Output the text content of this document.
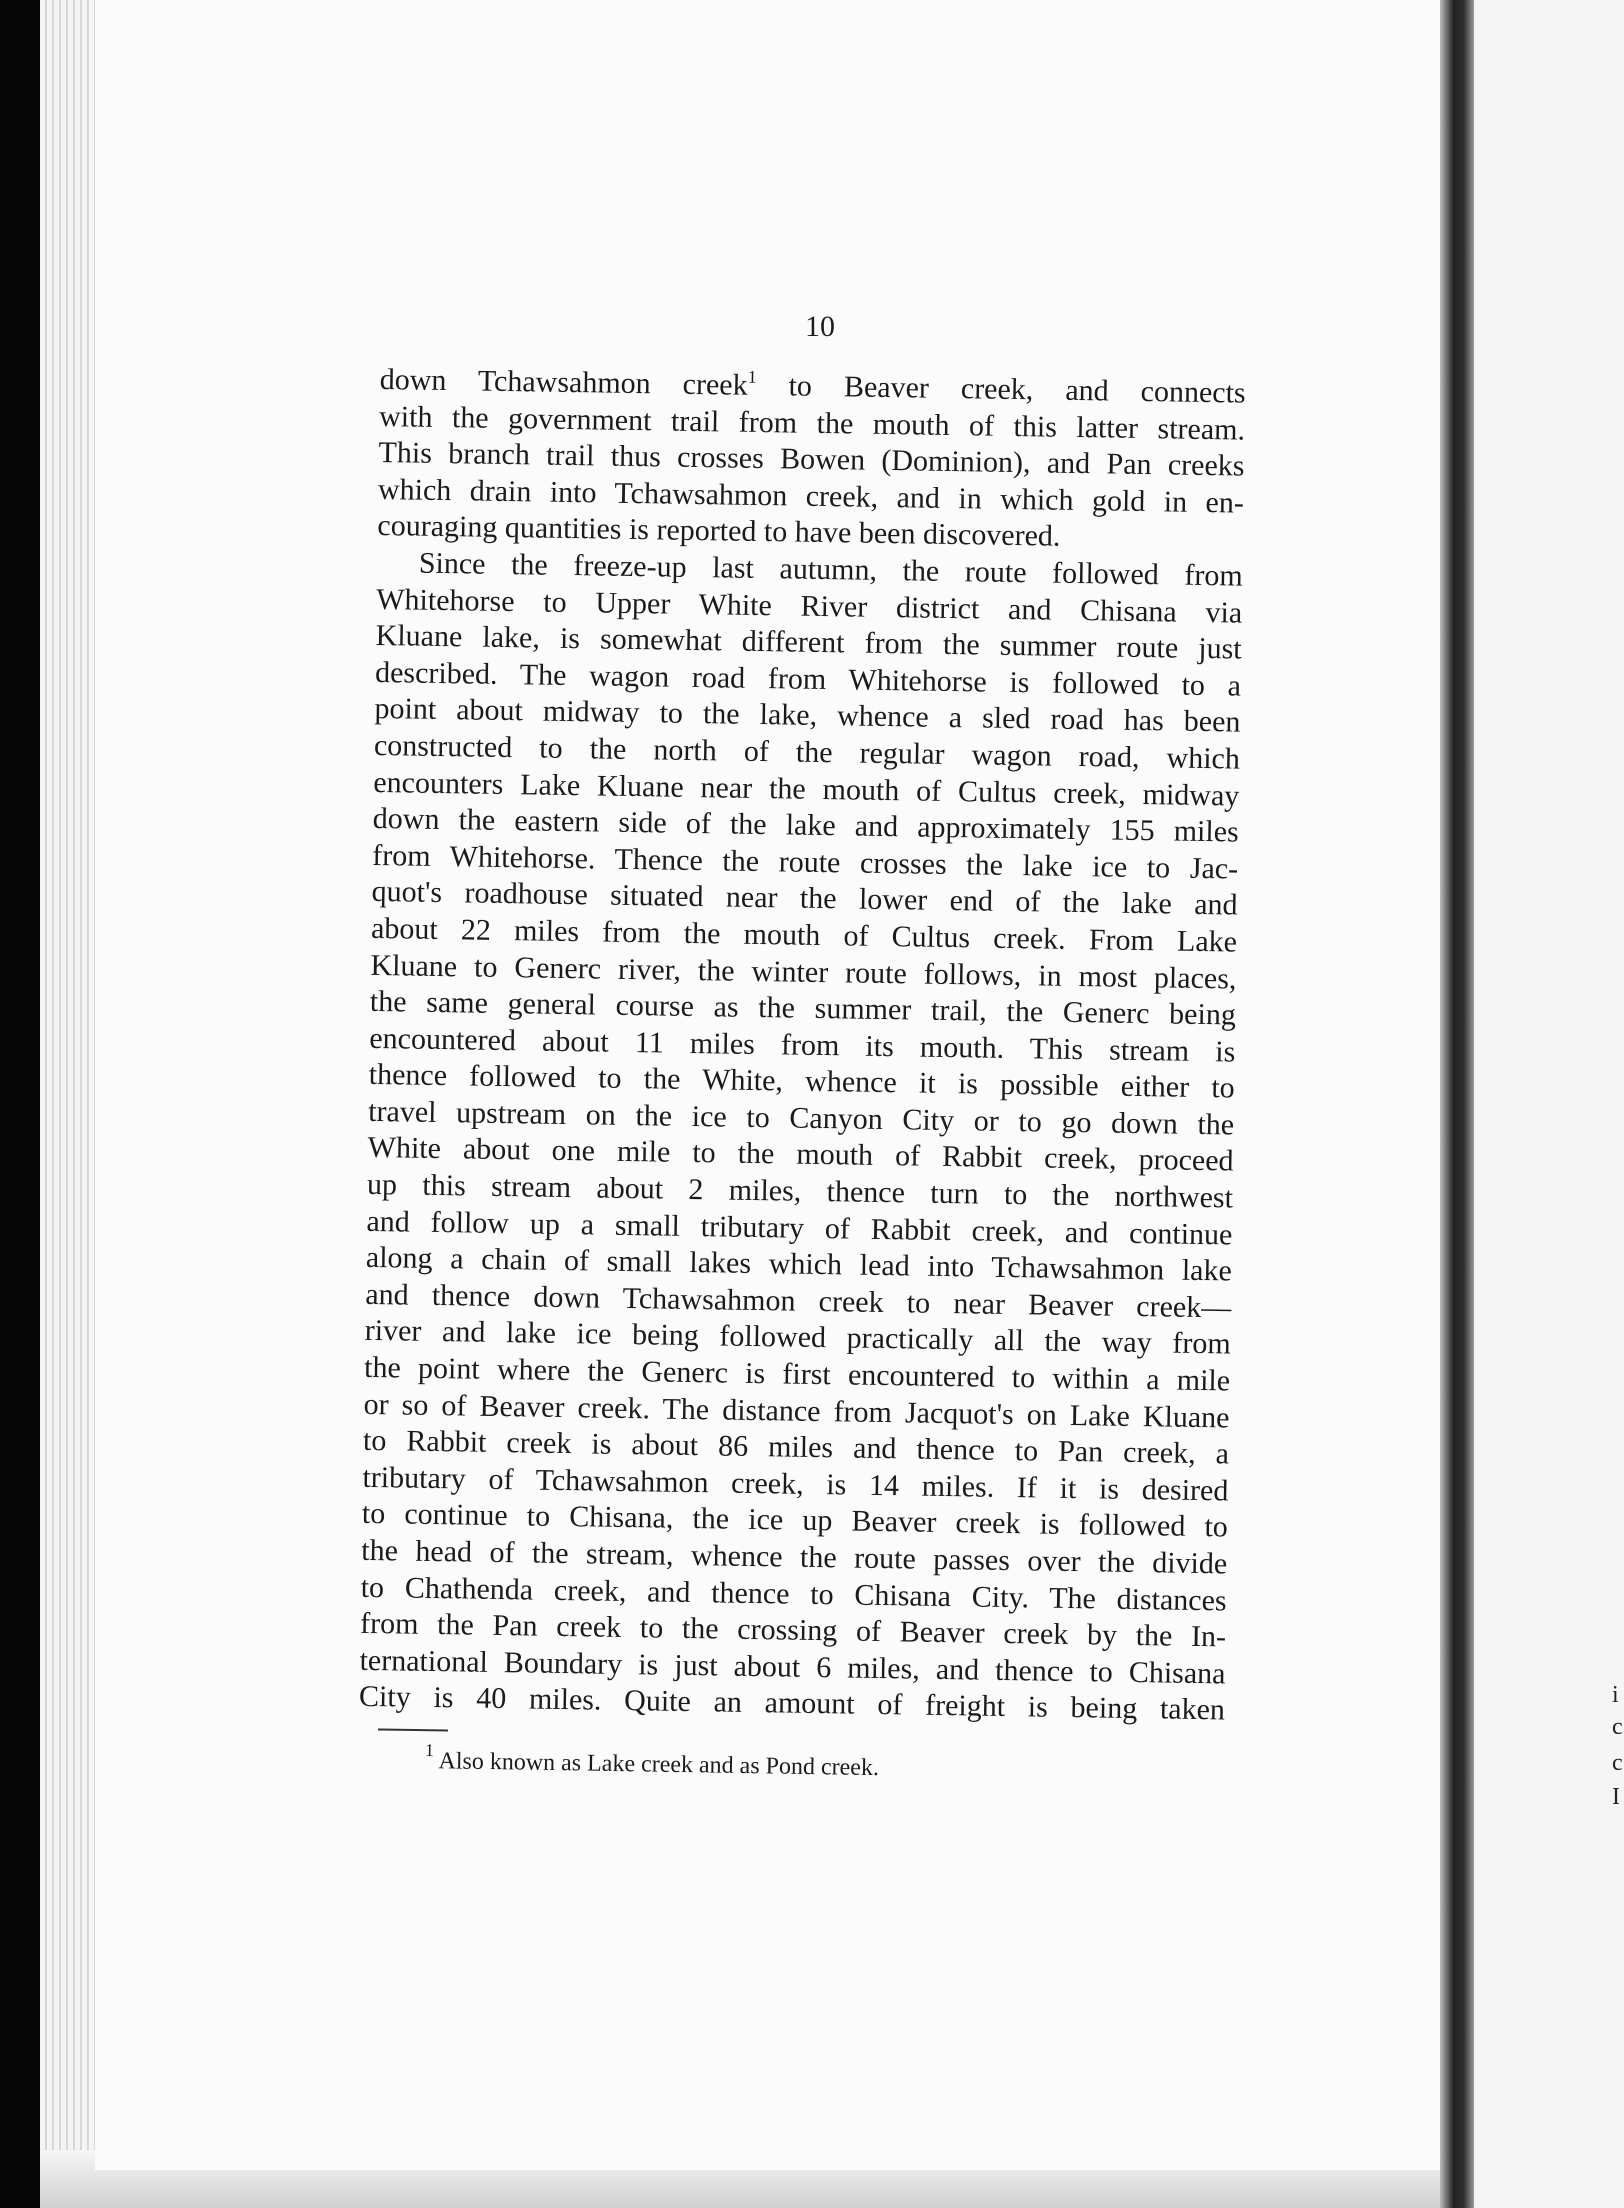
i
c
c
I
10
down Tchawsahmon creek$^1$ to Beaver creek, and connects
with the government trail from the mouth of this latter stream.
This branch trail thus crosses Bowen (Dominion), and Pan creeks
which drain into Tchawsahmon creek, and in which gold in en-
couraging quantities is reported to have been discovered.
Since the freeze-up last autumn, the route followed from
Whitehorse to Upper White River district and Chisana via
Kluane lake, is somewhat different from the summer route just
described. The wagon road from Whitehorse is followed to a
point about midway to the lake, whence a sled road has been
constructed to the north of the regular wagon road, which
encounters Lake Kluane near the mouth of Cultus creek, midway
down the eastern side of the lake and approximately 155 miles
from Whitehorse. Thence the route crosses the lake ice to Jac-
quot's roadhouse situated near the lower end of the lake and
about 22 miles from the mouth of Cultus creek. From Lake
Kluane to Generc river, the winter route follows, in most places,
the same general course as the summer trail, the Generc being
encountered about 11 miles from its mouth. This stream is
thence followed to the White, whence it is possible either to
travel upstream on the ice to Canyon City or to go down the
White about one mile to the mouth of Rabbit creek, proceed
up this stream about 2 miles, thence turn to the northwest
and follow up a small tributary of Rabbit creek, and continue
along a chain of small lakes which lead into Tchawsahmon lake
and thence down Tchawsahmon creek to near Beaver creek—
river and lake ice being followed practically all the way from
the point where the Generc is first encountered to within a mile
or so of Beaver creek. The distance from Jacquot's on Lake Kluane
to Rabbit creek is about 86 miles and thence to Pan creek, a
tributary of Tchawsahmon creek, is 14 miles. If it is desired
to continue to Chisana, the ice up Beaver creek is followed to
the head of the stream, whence the route passes over the divide
to Chathenda creek, and thence to Chisana City. The distances
from the Pan creek to the crossing of Beaver creek by the In-
ternational Boundary is just about 6 miles, and thence to Chisana
City is 40 miles. Quite an amount of freight is being taken
$^1$ Also known as Lake creek and as Pond creek.
